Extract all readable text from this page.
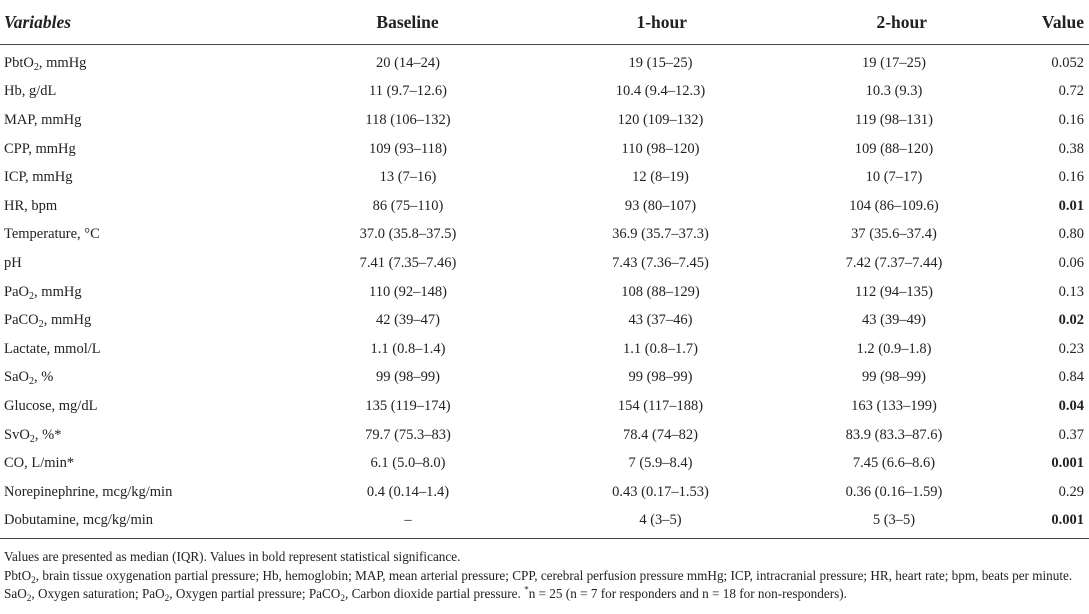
Variables	Baseline	1-hour	2-hour	Value
PbtO$_2$, mmHg	20 (14–24)	19 (15–25)	19 (17–25)	0.052
Hb, g/dL	11 (9.7–12.6)	10.4 (9.4–12.3)	10.3 (9.3)	0.72
MAP, mmHg	118 (106–132)	120 (109–132)	119 (98–131)	0.16
CPP, mmHg	109 (93–118)	110 (98–120)	109 (88–120)	0.38
ICP, mmHg	13 (7–16)	12 (8–19)	10 (7–17)	0.16
HR, bpm	86 (75–110)	93 (80–107)	104 (86–109.6)	0.01
Temperature, °C	37.0 (35.8–37.5)	36.9 (35.7–37.3)	37 (35.6–37.4)	0.80
pH	7.41 (7.35–7.46)	7.43 (7.36–7.45)	7.42 (7.37–7.44)	0.06
PaO$_2$, mmHg	110 (92–148)	108 (88–129)	112 (94–135)	0.13
PaCO$_2$, mmHg	42 (39–47)	43 (37–46)	43 (39–49)	0.02
Lactate, mmol/L	1.1 (0.8–1.4)	1.1 (0.8–1.7)	1.2 (0.9–1.8)	0.23
SaO$_2$, %	99 (98–99)	99 (98–99)	99 (98–99)	0.84
Glucose, mg/dL	135 (119–174)	154 (117–188)	163 (133–199)	0.04
SvO$_2$, %*	79.7 (75.3–83)	78.4 (74–82)	83.9 (83.3–87.6)	0.37
CO, L/min*	6.1 (5.0–8.0)	7 (5.9–8.4)	7.45 (6.6–8.6)	0.001
Norepinephrine, mcg/kg/min	0.4 (0.14–1.4)	0.43 (0.17–1.53)	0.36 (0.16–1.59)	0.29
Dobutamine, mcg/kg/min	–	4 (3–5)	5 (3–5)	0.001

Values are presented as median (IQR). Values in bold represent statistical significance.

PbtO$_2$, brain tissue oxygenation partial pressure; Hb, hemoglobin; MAP, mean arterial pressure; CPP, cerebral perfusion pressure mmHg; ICP, intracranial pressure; HR, heart rate; bpm, beats per minute. SaO$_2$, Oxygen saturation; PaO$_2$, Oxygen partial pressure; PaCO$_2$, Carbon dioxide partial pressure. *n = 25 (n = 7 for responders and n = 18 for non-responders).
